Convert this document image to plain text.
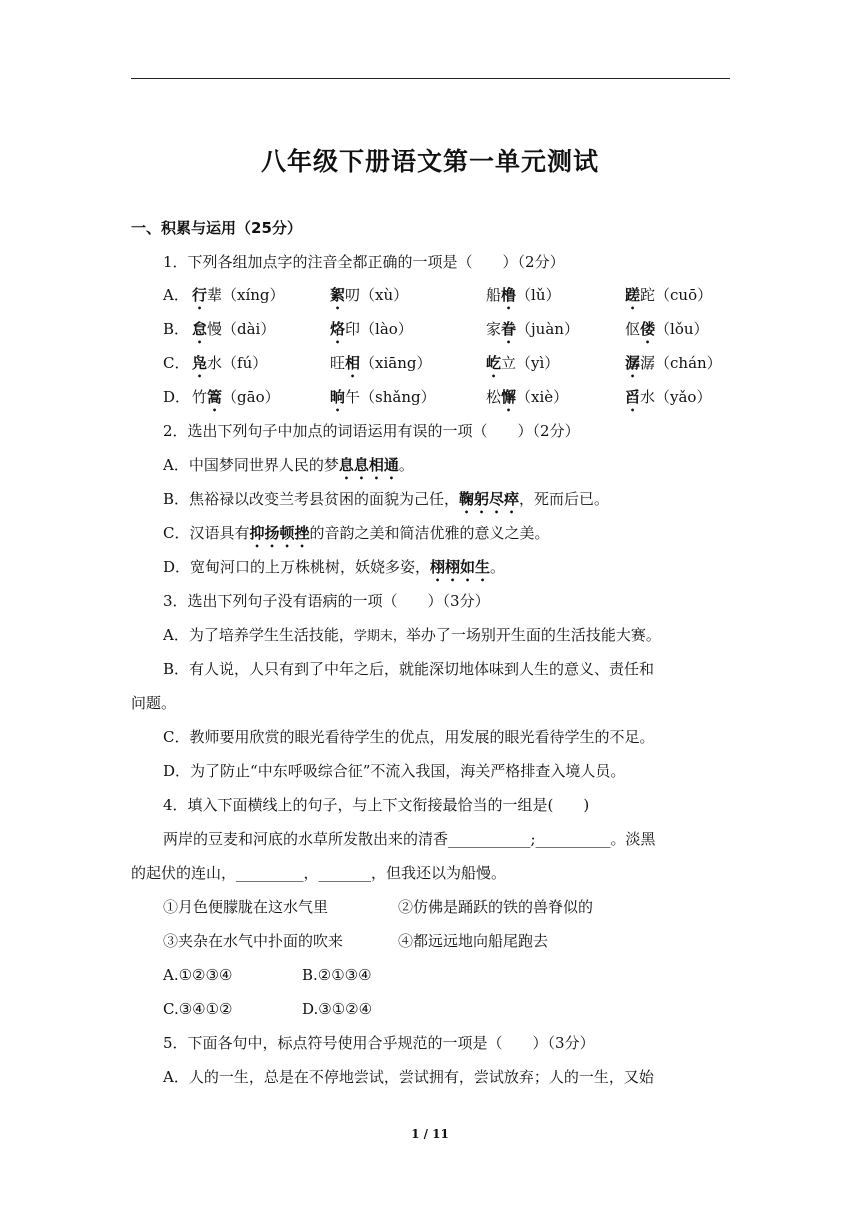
八年级下册语文第一单元测试
一、积累与运用（25分）
1．下列各组加点字的注音全都正确的一项是（　　）（2分）
A． 行辈（xíng）	絮叨（xù）	船橹（lǔ）	蹉跎（cuō）
B． 怠慢（dài）	烙印（lào）	家眷（juàn）	伛偻（lǒu）
C． 凫水（fú）	旺相（xiāng）	屹立（yì）	潺潺（chán）
D． 竹篙（gāo）	晌午（shǎng）	松懈（xiè）	舀水（yǎo）
2．选出下列句子中加点的词语运用有误的一项（　　）（2分）
A．中国梦同世界人民的梦息息相通。
B．焦裕禄以改变兰考县贫困的面貌为己任，鞠躬尽瘁，死而后已。
C．汉语具有抑扬顿挫的音韵之美和简洁优雅的意义之美。
D．宽甸河口的上万株桃树，妖娆多姿，栩栩如生。
3．选出下列句子没有语病的一项（　　）（3分）
A．为了培养学生生活技能，学期末，举办了一场别开生面的生活技能大赛。
B．有人说，人只有到了中年之后，就能深切地体味到人生的意义、责任和
问题。
C．教师要用欣赏的眼光看待学生的优点，用发展的眼光看待学生的不足。
D．为了防止“中东呼吸综合征”不流入我国，海关严格排查入境人员。
4．填入下面横线上的句子，与上下文衔接最恰当的一组是(　　)
两岸的豆麦和河底的水草所发散出来的清香___________;__________。淡黑
的起伏的连山，_________，_______，但我还以为船慢。
①月色便朦胧在这水气里	②仿佛是踊跃的铁的兽脊似的
③夹杂在水气中扑面的吹来	④都远远地向船尾跑去
A.①②③④	B.②①③④
C.③④①②	D.③①②④
5．下面各句中，标点符号使用合乎规范的一项是（　　）（3分）
A．人的一生，总是在不停地尝试，尝试拥有，尝试放弃；人的一生，又始
1 / 11
